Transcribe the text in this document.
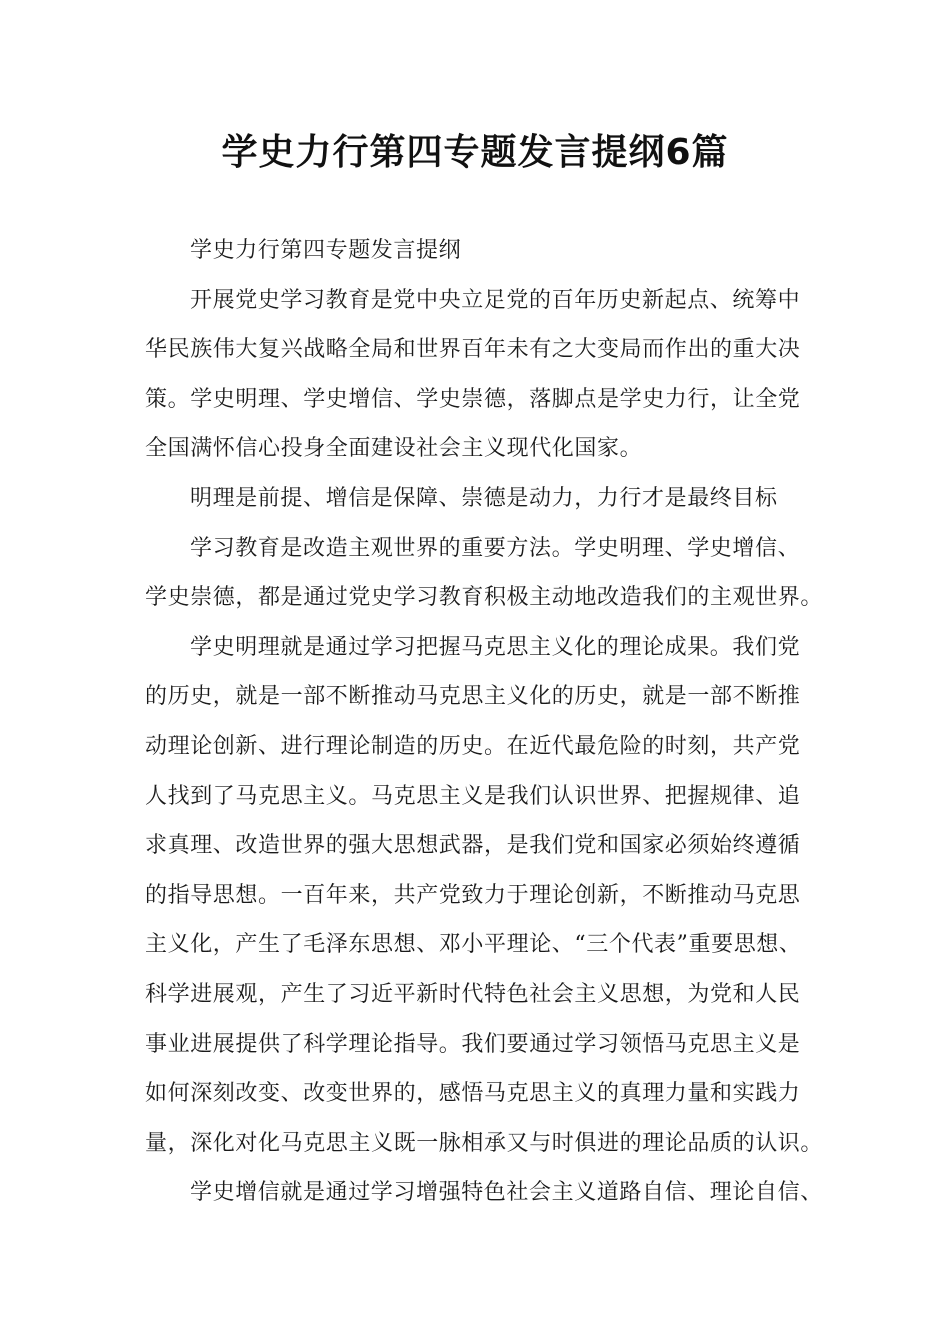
学史力行第四专题发言提纲6篇
学史力行第四专题发言提纲
开展党史学习教育是党中央立足党的百年历史新起点、统筹中
华民族伟大复兴战略全局和世界百年未有之大变局而作出的重大决
策。学史明理、学史增信、学史崇德，落脚点是学史力行，让全党
全国满怀信心投身全面建设社会主义现代化国家。
明理是前提、增信是保障、崇德是动力，力行才是最终目标
学习教育是改造主观世界的重要方法。学史明理、学史增信、
学史崇德，都是通过党史学习教育积极主动地改造我们的主观世界。
学史明理就是通过学习把握马克思主义化的理论成果。我们党
的历史，就是一部不断推动马克思主义化的历史，就是一部不断推
动理论创新、进行理论制造的历史。在近代最危险的时刻，共产党
人找到了马克思主义。马克思主义是我们认识世界、把握规律、追
求真理、改造世界的强大思想武器，是我们党和国家必须始终遵循
的指导思想。一百年来，共产党致力于理论创新，不断推动马克思
主义化，产生了毛泽东思想、邓小平理论、“三个代表”重要思想、
科学进展观，产生了习近平新时代特色社会主义思想，为党和人民
事业进展提供了科学理论指导。我们要通过学习领悟马克思主义是
如何深刻改变、改变世界的，感悟马克思主义的真理力量和实践力
量，深化对化马克思主义既一脉相承又与时俱进的理论品质的认识。
学史增信就是通过学习增强特色社会主义道路自信、理论自信、
